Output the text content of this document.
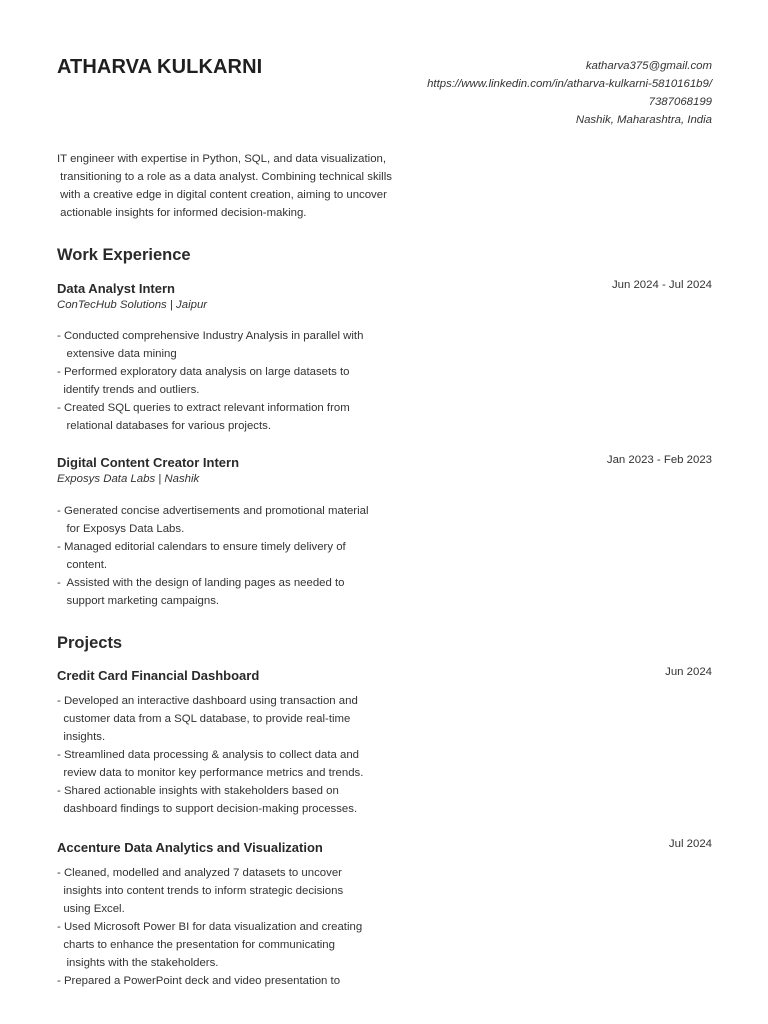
ATHARVA KULKARNI	katharva375@gmail.com
https://www.linkedin.com/in/atharva-kulkarni-5810161b9/
7387068199
Nashik, Maharashtra, India
IT engineer with expertise in Python, SQL, and data visualization,
transitioning to a role as a data analyst. Combining technical skills
with a creative edge in digital content creation, aiming to uncover
actionable insights for informed decision-making.
Work Experience
Data Analyst Intern
ConTecHub Solutions | Jaipur
Jun 2024 - Jul 2024
- Conducted comprehensive Industry Analysis in parallel with
extensive data mining
- Performed exploratory data analysis on large datasets to
identify trends and outliers.
- Created SQL queries to extract relevant information from
relational databases for various projects.
Digital Content Creator Intern
Exposys Data Labs | Nashik
Jan 2023 - Feb 2023
- Generated concise advertisements and promotional material
for Exposys Data Labs.
- Managed editorial calendars to ensure timely delivery of
content.
-  Assisted with the design of landing pages as needed to
support marketing campaigns.
Projects
Credit Card Financial Dashboard	Jun 2024
- Developed an interactive dashboard using transaction and
customer data from a SQL database, to provide real-time
insights.
- Streamlined data processing & analysis to collect data and
review data to monitor key performance metrics and trends.
- Shared actionable insights with stakeholders based on
dashboard findings to support decision-making processes.
Accenture Data Analytics and Visualization	Jul 2024
- Cleaned, modelled and analyzed 7 datasets to uncover
insights into content trends to inform strategic decisions
using Excel.
- Used Microsoft Power BI for data visualization and creating
charts to enhance the presentation for communicating
insights with the stakeholders.
- Prepared a PowerPoint deck and video presentation to
